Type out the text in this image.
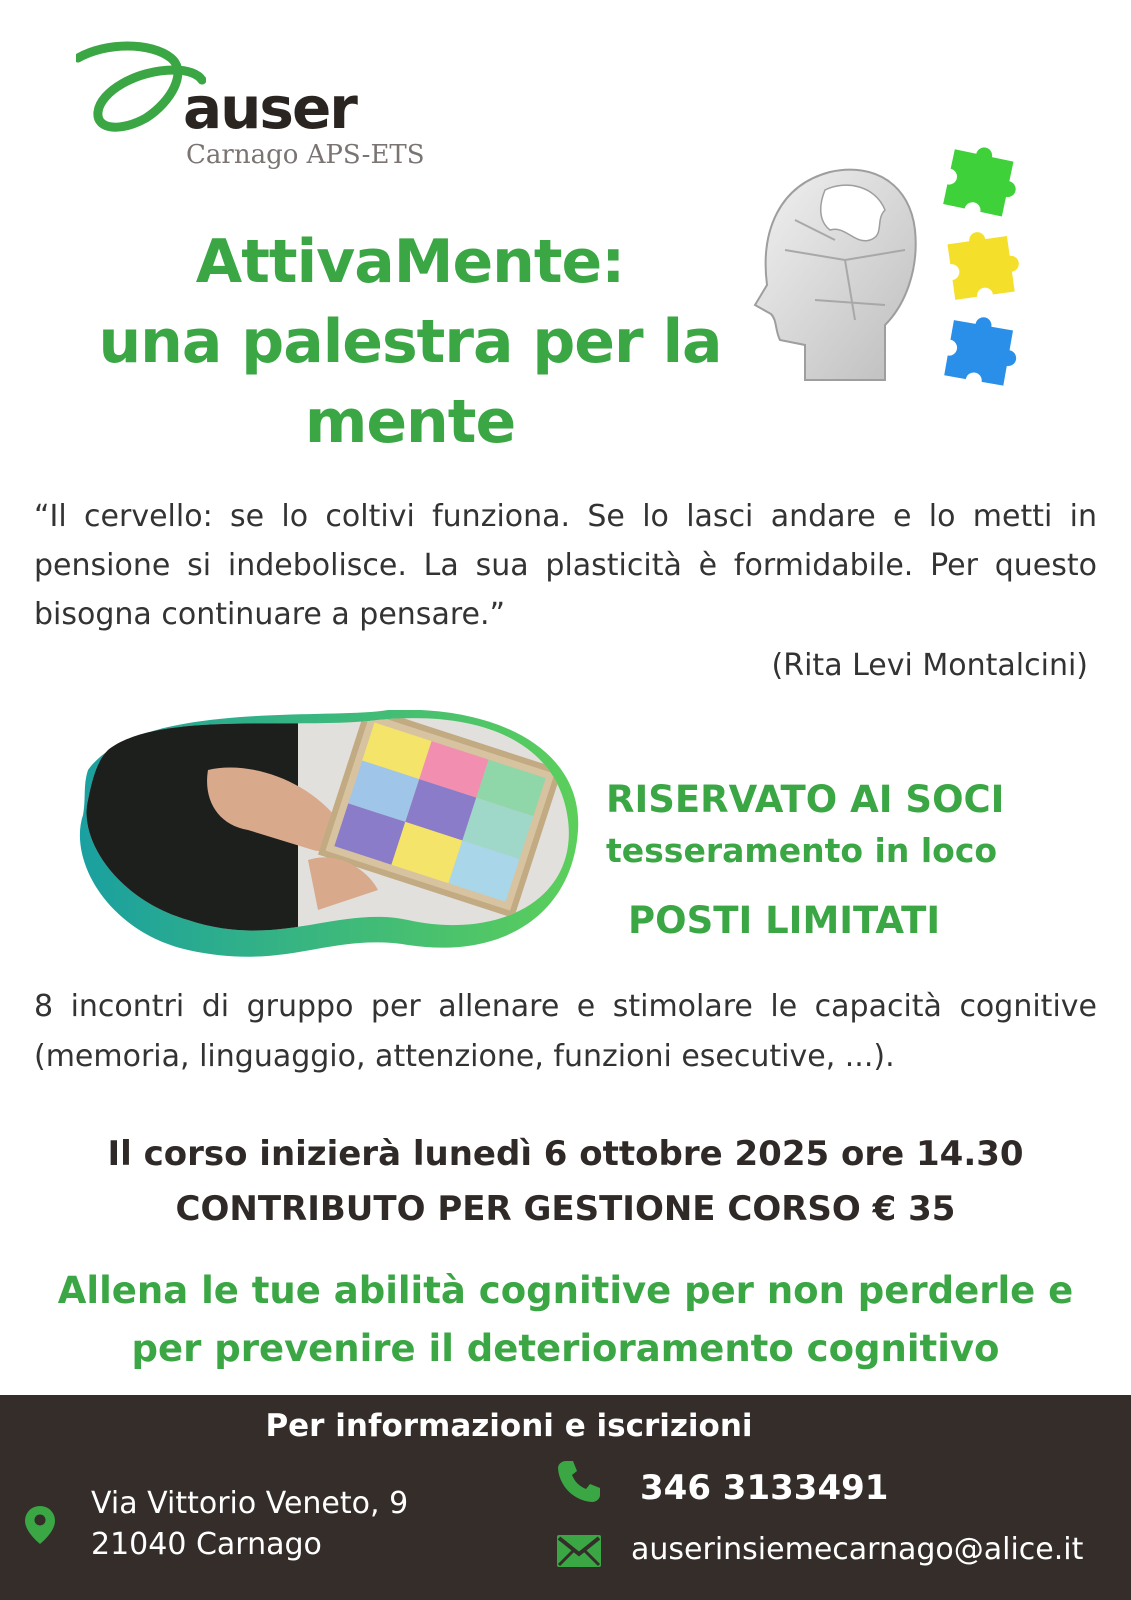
auser
Carnago APS-ETS
AttivaMente:
una palestra per la
mente
“Il cervello: se lo coltivi funziona. Se lo lasci andare e lo metti in pensione si indebolisce. La sua plasticità è formidabile. Per questo bisogna continuare a pensare.”
(Rita Levi Montalcini)
RISERVATO AI SOCI
tesseramento in loco
POSTI LIMITATI
8 incontri di gruppo per allenare e stimolare le capacità cognitive (memoria, linguaggio, attenzione, funzioni esecutive, ...).
Il corso inizierà lunedì 6 ottobre 2025 ore 14.30
CONTRIBUTO PER GESTIONE CORSO € 35
Allena le tue abilità cognitive per non perderle e
per prevenire il deterioramento cognitivo
Per informazioni e iscrizioni
Via Vittorio Veneto, 9
21040 Carnago
346 3133491
auserinsiemecarnago@alice.it
